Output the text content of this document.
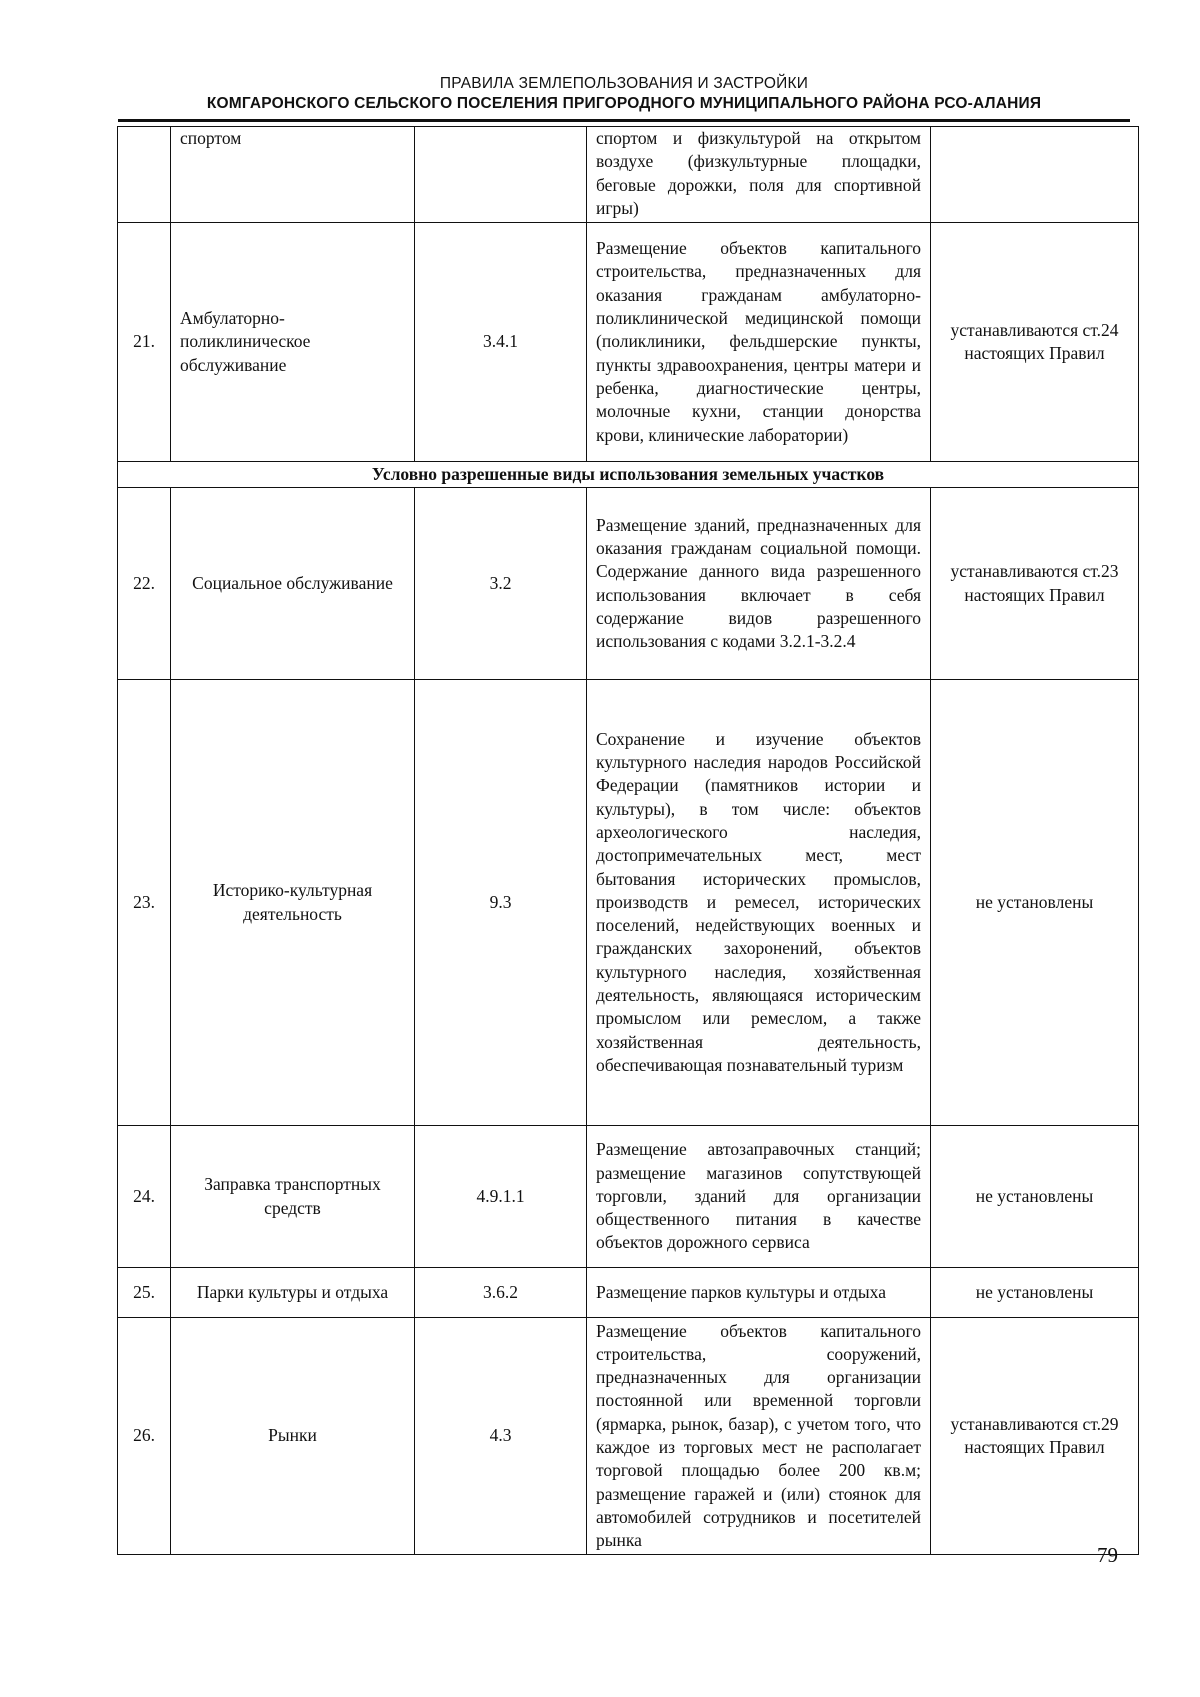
ПРАВИЛА ЗЕМЛЕПОЛЬЗОВАНИЯ И ЗАСТРОЙКИ
КОМГАРОНСКОГО СЕЛЬСКОГО ПОСЕЛЕНИЯ ПРИГОРОДНОГО МУНИЦИПАЛЬНОГО РАЙОНА РСО-АЛАНИЯ
	спортом		спортом и физкультурой на открытом воздухе (физкультурные площадки, беговые дорожки, поля для спортивной игры)	
21.	Амбулаторно-поликлиническое обслуживание	3.4.1	Размещение объектов капитального строительства, предназначенных для оказания гражданам амбулаторно-поликлинической медицинской помощи (поликлиники, фельдшерские пункты, пункты здравоохранения, центры матери и ребенка, диагностические центры, молочные кухни, станции донорства крови, клинические лаборатории)	устанавливаются ст.24 настоящих Правил
Условно разрешенные виды использования земельных участков				
22.	Социальное обслуживание	3.2	Размещение зданий, предназначенных для оказания гражданам социальной помощи. Содержание данного вида разрешенного использования включает в себя содержание видов разрешенного использования с кодами 3.2.1-3.2.4	устанавливаются ст.23 настоящих Правил
23.	Историко-культурная деятельность	9.3	Сохранение и изучение объектов культурного наследия народов Российской Федерации (памятников истории и культуры), в том числе: объектов археологического наследия, достопримечательных мест, мест бытования исторических промыслов, производств и ремесел, исторических поселений, недействующих военных и гражданских захоронений, объектов культурного наследия, хозяйственная деятельность, являющаяся историческим промыслом или ремеслом, а также хозяйственная деятельность, обеспечивающая познавательный туризм	не установлены
24.	Заправка транспортных средств	4.9.1.1	Размещение автозаправочных станций; размещение магазинов сопутствующей торговли, зданий для организации общественного питания в качестве объектов дорожного сервиса	не установлены
25.	Парки культуры и отдыха	3.6.2	Размещение парков культуры и отдыха	не установлены
26.	Рынки	4.3	Размещение объектов капитального строительства, сооружений, предназначенных для организации постоянной или временной торговли (ярмарка, рынок, базар), с учетом того, что каждое из торговых мест не располагает торговой площадью более 200 кв.м; размещение гаражей и (или) стоянок для автомобилей сотрудников и посетителей рынка	устанавливаются ст.29 настоящих Правил
79
